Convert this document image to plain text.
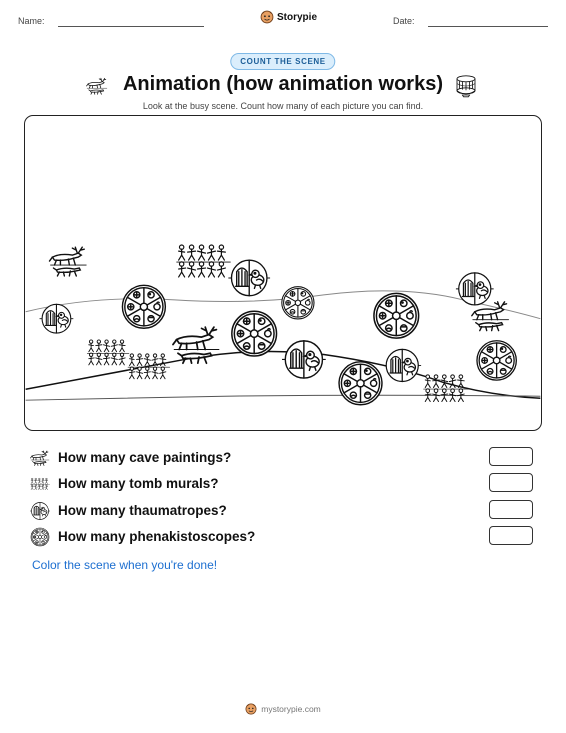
Name:	Storypie	Date:
COUNT THE SCENE
Animation (how animation works)
Look at the busy scene. Count how many of each picture you can find.
How many cave paintings?
How many tomb murals?
How many thaumatropes?
How many phenakistoscopes?
Color the scene when you're done!
mystorypie.com
